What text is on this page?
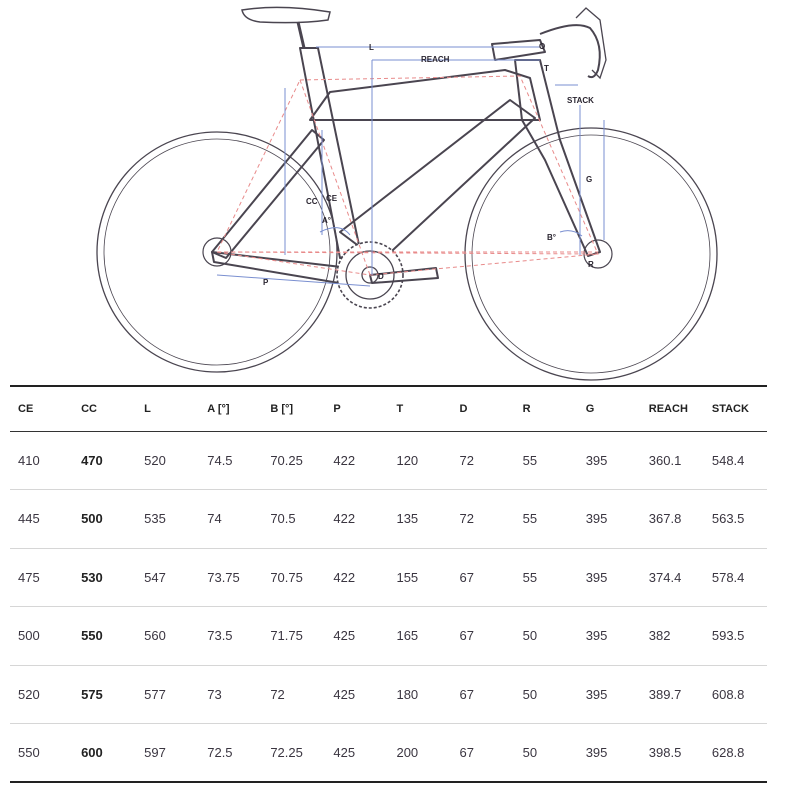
L
REACH
STACK
G
CC CE
A°
B°
P
D
R
T
O
CE	CC	L	A [°]	B [°]	P	T	D	R	G	REACH	STACK
410	470	520	74.5	70.25	422	120	72	55	395	360.1	548.4
445	500	535	74	70.5	422	135	72	55	395	367.8	563.5
475	530	547	73.75	70.75	422	155	67	55	395	374.4	578.4
500	550	560	73.5	71.75	425	165	67	50	395	382	593.5
520	575	577	73	72	425	180	67	50	395	389.7	608.8
550	600	597	72.5	72.25	425	200	67	50	395	398.5	628.8
